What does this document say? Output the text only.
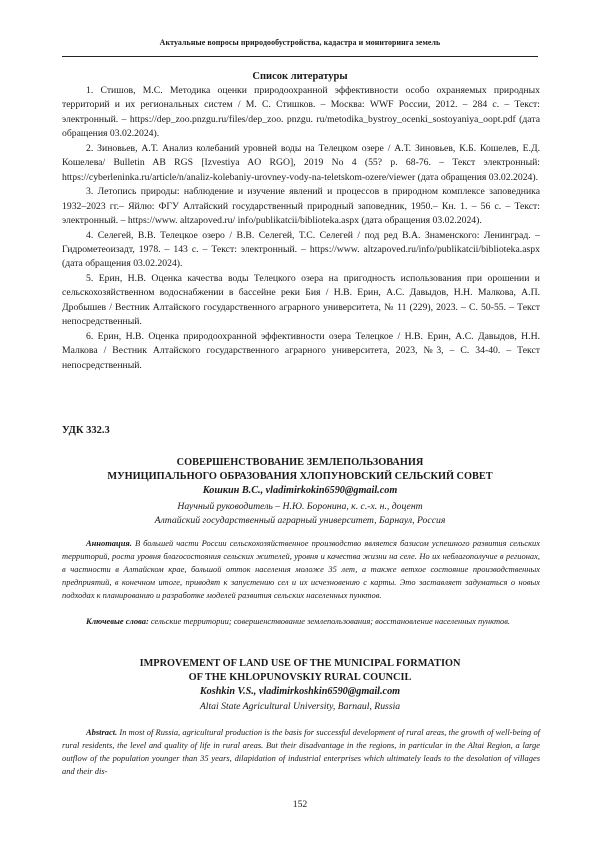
Актуальные вопросы природообустройства, кадастра и мониторинга земель
Список литературы

1. Стишов, М.С. Методика оценки природоохранной эффективности особо охраняемых природных территорий и их региональных систем / М. С. Стишков. – Москва: WWF России, 2012. – 284 с. – Текст: электронный. – https://dep_zoo.pnzgu.ru/files/dep_zoo. pnzgu. ru/metodika_bystroy_ocenki_sostoyaniya_oopt.pdf (дата обращения 03.02.2024).

2. Зиновьев, А.Т. Анализ колебаний уровней воды на Телецком озере / А.Т. Зиновьев, К.Б. Кошелев, Е.Д. Кошелева/ Bulletin AB RGS [Izvestiya AO RGO], 2019 No 4 (55? р. 68-76. – Текст электронный: https://cyberleninka.ru/article/n/analiz-kolebaniy-urovney-vody-na-teletskom-ozere/viewer (дата обращения 03.02.2024).

3. Летопись природы: наблюдение и изучение явлений и процессов в природном комплексе заповедника 1932–2023 гг.– Яйлю: ФГУ Алтайский государственный природный заповедник, 1950.– Кн. 1. – 56 с. – Текст: электронный. – https://www. altzapoved.ru/ info/publikatcii/biblioteka.aspx (дата обращения 03.02.2024).

4. Селегей, В.В. Телецкое озеро / В.В. Селегей, Т.С. Селегей / под ред В.А. Знаменского: Ленинград. – Гидрометеоизадт, 1978. – 143 с. – Текст: электронный. – https://www. altzapoved.ru/info/publikatcii/biblioteka.aspx (дата обращения 03.02.2024).

5. Ерин, Н.В. Оценка качества воды Телецкого озера на пригодность использования при орошении и сельскохозяйственном водоснабжении в бассейне реки Бия / Н.В. Ерин, А.С. Давыдов, Н.Н. Малкова, А.П. Дробышев / Вестник Алтайского государственного аграрного университета, № 11 (229), 2023. – С. 50-55. – Текст непосредственный.

6. Ерин, Н.В. Оценка природоохранной эффективности озера Телецкое / Н.В. Ерин, А.С. Давыдов, Н.Н. Малкова / Вестник Алтайского государственного аграрного университета, 2023, №3, – С. 34-40. – Текст непосредственный.

УДК 332.3
СОВЕРШЕНСТВОВАНИЕ ЗЕМЛЕПОЛЬЗОВАНИЯ
МУНИЦИПАЛЬНОГО ОБРАЗОВАНИЯ ХЛОПУНОВСКИЙ СЕЛЬСКИЙ СОВЕТ
Кошкин В.С., vladimirkokin6590@gmail.com
Научный руководитель – Н.Ю. Боронина, к. с.-х. н., доцент
Алтайский государственный аграрный университет, Барнаул, Россия

Аннотация. В большей части России сельскохозяйственное производство является базисом успешного развития сельских территорий, роста уровня благосостояния сельских жителей, уровня и качества жизни на селе. Но их неблагополучие в регионах, в частности в Алтайском крае, большой отток населения моложе 35 лет, а также ветхое состояние производственных предприятий, в конечном итоге, приводят к запустению сел и их исчезновению с карты. Это заставляет задуматься о новых подходах к планированию и разработке моделей развития сельских населенных пунктов.

Ключевые слова: сельские территории; совершенствование землепользования; восстановление населенных пунктов.

IMPROVEMENT OF LAND USE OF THE MUNICIPAL FORMATION
OF THE KHLOPUNOVSKIY RURAL COUNCIL
Koshkin V.S., vladimirkoshkin6590@gmail.com
Altai State Agricultural University, Barnaul, Russia

Abstract. In most of Russia, agricultural production is the basis for successful development of rural areas, the growth of well-being of rural residents, the level and quality of life in rural areas. But their disadvantage in the regions, in particular in the Altai Region, a large outflow of the population younger than 35 years, dilapidation of industrial enterprises which ultimately leads to the desolation of villages and their dis-

152
